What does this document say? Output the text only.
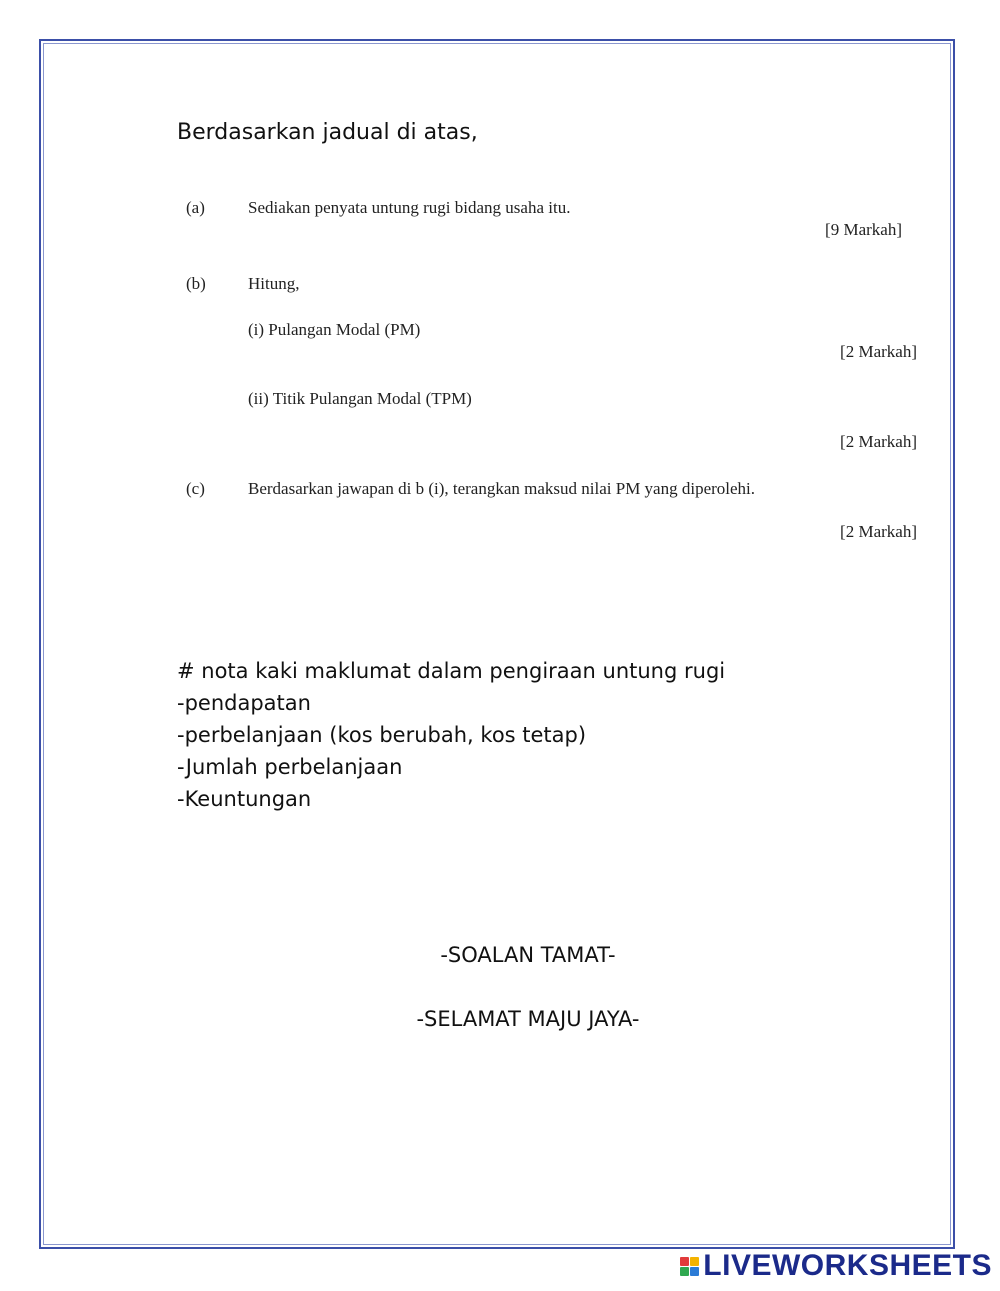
Berdasarkan jadual di atas,
(a)	Sediakan penyata untung rugi bidang usaha itu.
[9 Markah]
(b) Hitung,
(i) Pulangan Modal (PM)
[2 Markah]
(ii) Titik Pulangan Modal (TPM)
[2 Markah]
(c)	Berdasarkan jawapan di b (i), terangkan maksud nilai PM yang diperolehi.
[2 Markah]
# nota kaki maklumat dalam pengiraan untung rugi
-pendapatan
-perbelanjaan (kos berubah, kos tetap)
-Jumlah perbelanjaan
-Keuntungan
-SOALAN TAMAT-
-SELAMAT MAJU JAYA-
LIVEWORKSHEETS
